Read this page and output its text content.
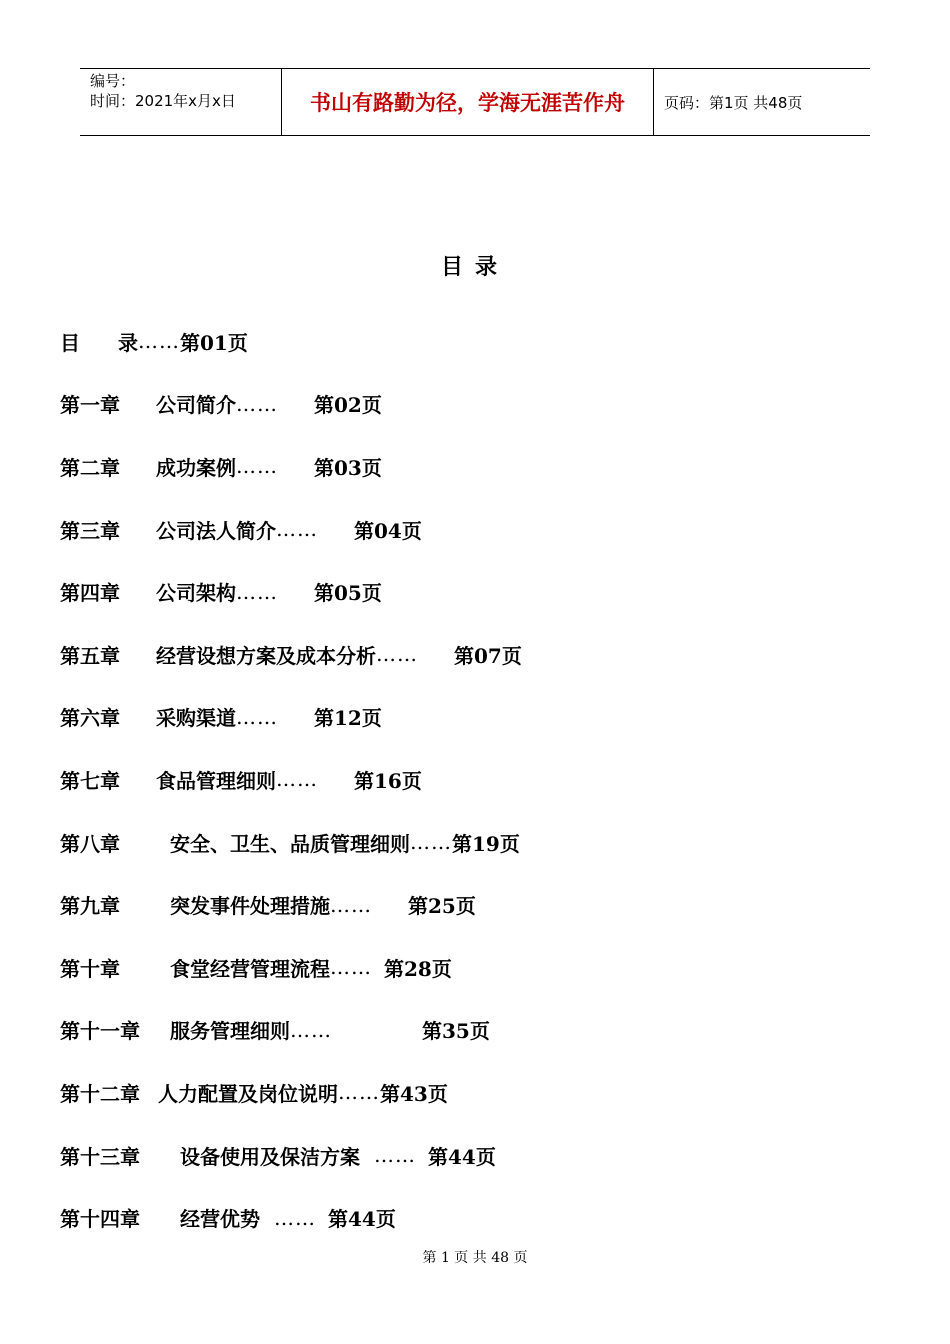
编号：
时间：2021年x月x日	书山有路勤为径，学海无涯苦作舟	页码：第1页 共48页
目录
目	录 …… 第01页
第一章	公司简介 …… 第02页
第二章	成功案例 …… 第03页
第三章	公司法人简介 …… 第04页
第四章	公司架构 …… 第05页
第五章	经营设想方案及成本分析 …… 第07页
第六章	采购渠道 …… 第12页
第七章	食品管理细则 …… 第16页
第八章	安全、卫生、品质管理细则 …… 第19页
第九章	突发事件处理措施 …… 第25页
第十章	食堂经营管理流程 …… 第28页
第十一章	服务管理细则 ……	第35页
第十二章 人力配置及岗位说明 …… 第43页
第十三章	设备使用及保洁方案 …… 第44页
第十四章	经营优势 …… 第44页
第 1 页 共 48 页
